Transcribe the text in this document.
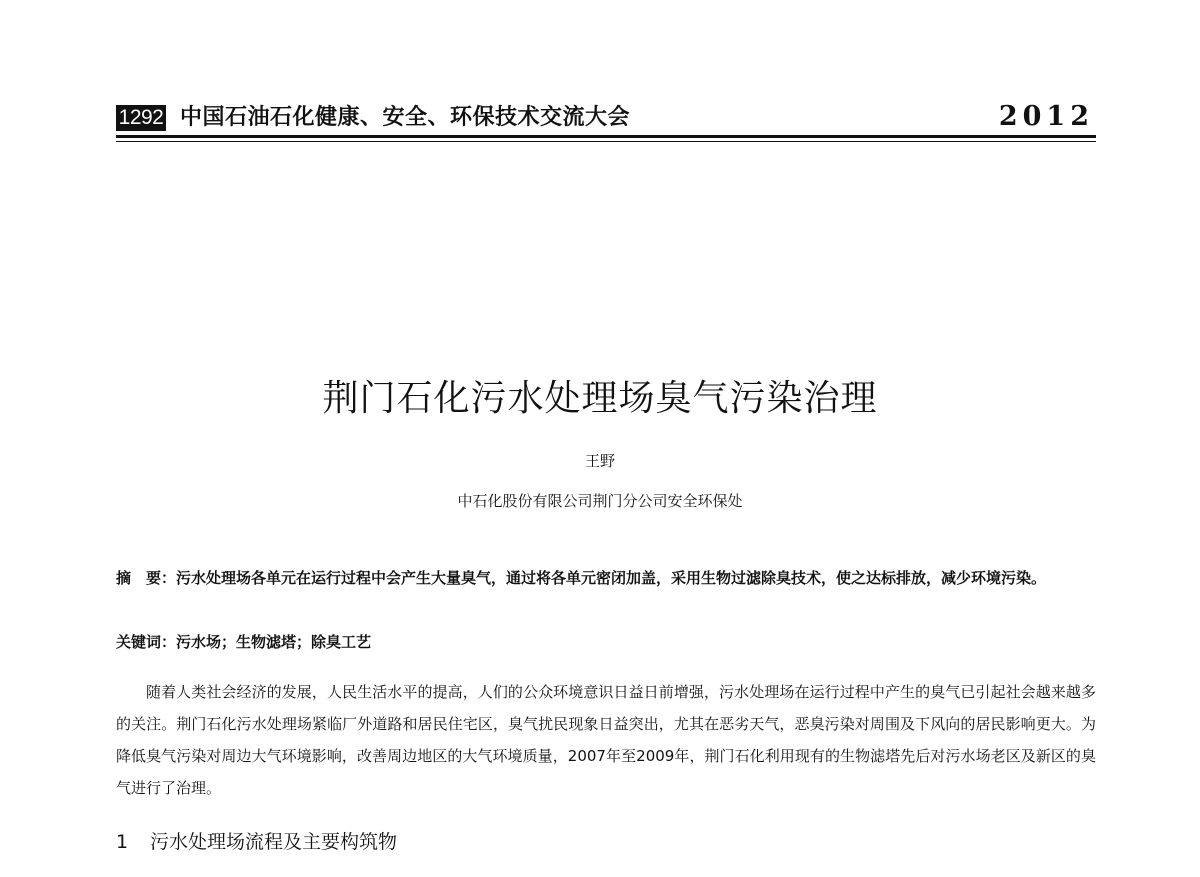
1292 中国石油石化健康、安全、环保技术交流大会	2012
荆门石化污水处理场臭气污染治理
王野
中石化股份有限公司荆门分公司安全环保处

摘　要：污水处理场各单元在运行过程中会产生大量臭气，通过将各单元密闭加盖，采用生物过滤除臭技术，使之达标排放，减少环境污染。

关键词：污水场；生物滤塔；除臭工艺

随着人类社会经济的发展，人民生活水平的提高，人们的公众环境意识日益日前增强，污水处理场在运行过程中产生的臭气已引起社会越来越多的关注。荆门石化污水处理场紧临厂外道路和居民住宅区，臭气扰民现象日益突出，尤其在恶劣天气，恶臭污染对周围及下风向的居民影响更大。为降低臭气污染对周边大气环境影响，改善周边地区的大气环境质量，2007年至2009年，荆门石化利用现有的生物滤塔先后对污水场老区及新区的臭气进行了治理。

1 污水处理场流程及主要构筑物
